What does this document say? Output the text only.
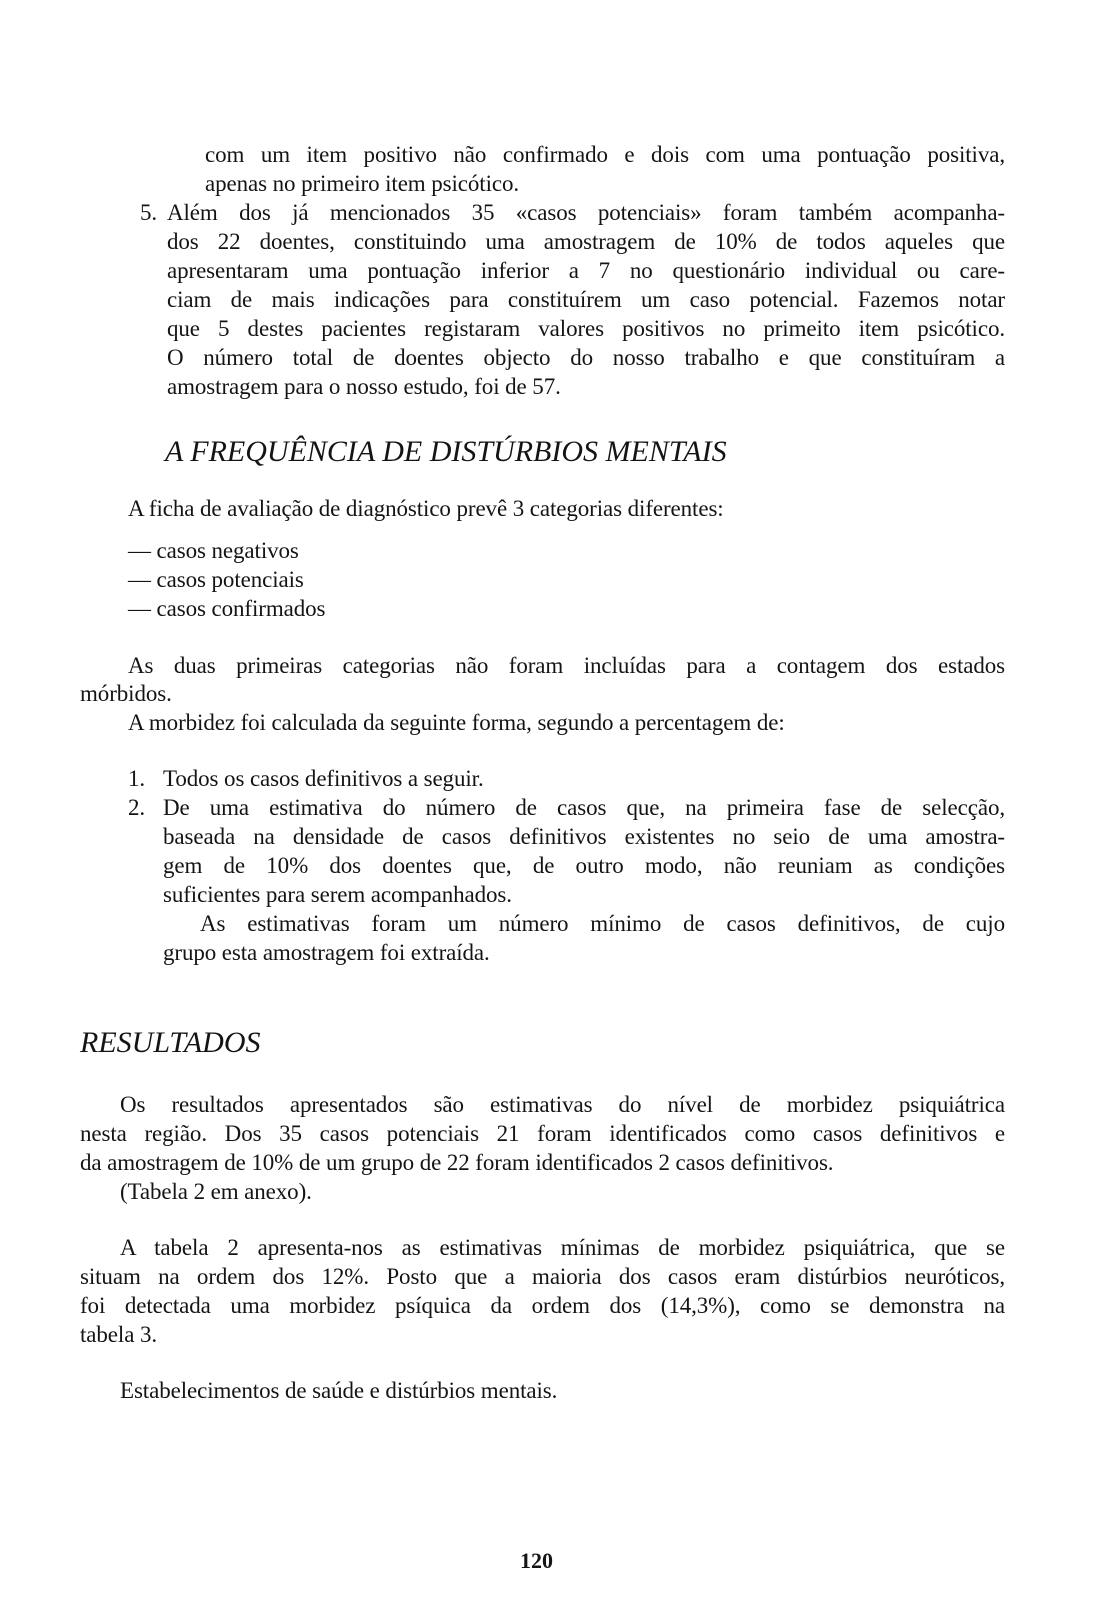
com um item positivo não confirmado e dois com uma pontuação positiva,
apenas no primeiro item psicótico.
5. Além dos já mencionados 35 «casos potenciais» foram também acompanha-
dos 22 doentes, constituindo uma amostragem de 10% de todos aqueles que
apresentaram uma pontuação inferior a 7 no questionário individual ou care-
ciam de mais indicações para constituírem um caso potencial. Fazemos notar
que 5 destes pacientes registaram valores positivos no primeito item psicótico.
O número total de doentes objecto do nosso trabalho e que constituíram a
amostragem para o nosso estudo, foi de 57.
A FREQUÊNCIA DE DISTÚRBIOS MENTAIS
A ficha de avaliação de diagnóstico prevê 3 categorias diferentes:
— casos negativos
— casos potenciais
— casos confirmados
As duas primeiras categorias não foram incluídas para a contagem dos estados
mórbidos.
A morbidez foi calculada da seguinte forma, segundo a percentagem de:
1. Todos os casos definitivos a seguir.
2. De uma estimativa do número de casos que, na primeira fase de selecção,
baseada na densidade de casos definitivos existentes no seio de uma amostra-
gem de 10% dos doentes que, de outro modo, não reuniam as condições
suficientes para serem acompanhados.
As estimativas foram um número mínimo de casos definitivos, de cujo
grupo esta amostragem foi extraída.
RESULTADOS
Os resultados apresentados são estimativas do nível de morbidez psiquiátrica
nesta região. Dos 35 casos potenciais 21 foram identificados como casos definitivos e
da amostragem de 10% de um grupo de 22 foram identificados 2 casos definitivos.
(Tabela 2 em anexo).
A tabela 2 apresenta-nos as estimativas mínimas de morbidez psiquiátrica, que se
situam na ordem dos 12%. Posto que a maioria dos casos eram distúrbios neuróticos,
foi detectada uma morbidez psíquica da ordem dos (14,3%), como se demonstra na
tabela 3.
Estabelecimentos de saúde e distúrbios mentais.
120
